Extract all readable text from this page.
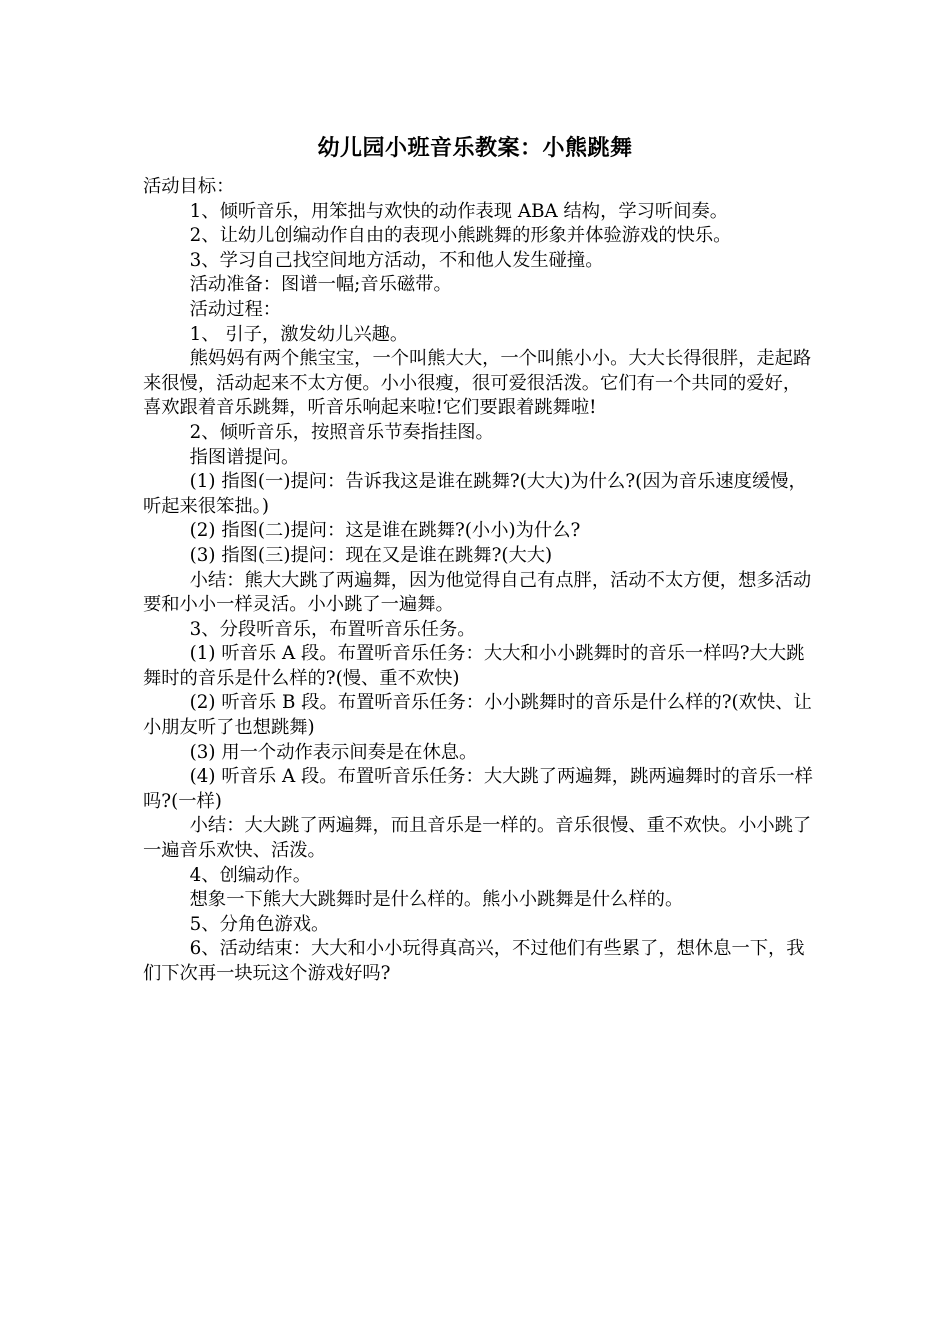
幼儿园小班音乐教案：小熊跳舞

活动目标：

1、倾听音乐，用笨拙与欢快的动作表现 ABA 结构，学习听间奏。

2、让幼儿创编动作自由的表现小熊跳舞的形象并体验游戏的快乐。

3、学习自己找空间地方活动，不和他人发生碰撞。

活动准备：图谱一幅;音乐磁带。

活动过程：

1、 引子，激发幼儿兴趣。

熊妈妈有两个熊宝宝，一个叫熊大大，一个叫熊小小。大大长得很胖，走起路来很慢，活动起来不太方便。小小很瘦，很可爱很活泼。它们有一个共同的爱好，喜欢跟着音乐跳舞，听音乐响起来啦!它们要跟着跳舞啦!

2、倾听音乐，按照音乐节奏指挂图。

指图谱提问。

(1) 指图(一)提问：告诉我这是谁在跳舞?(大大)为什么?(因为音乐速度缓慢，听起来很笨拙。)

(2) 指图(二)提问：这是谁在跳舞?(小小)为什么?

(3) 指图(三)提问：现在又是谁在跳舞?(大大)

小结：熊大大跳了两遍舞，因为他觉得自己有点胖，活动不太方便，想多活动要和小小一样灵活。小小跳了一遍舞。

3、分段听音乐，布置听音乐任务。

(1) 听音乐 A 段。布置听音乐任务：大大和小小跳舞时的音乐一样吗?大大跳舞时的音乐是什么样的?(慢、重不欢快)

(2) 听音乐 B 段。布置听音乐任务：小小跳舞时的音乐是什么样的?(欢快、让小朋友听了也想跳舞)

(3) 用一个动作表示间奏是在休息。

(4) 听音乐 A 段。布置听音乐任务：大大跳了两遍舞，跳两遍舞时的音乐一样吗?(一样)

小结：大大跳了两遍舞，而且音乐是一样的。音乐很慢、重不欢快。小小跳了一遍音乐欢快、活泼。

4、创编动作。

想象一下熊大大跳舞时是什么样的。熊小小跳舞是什么样的。

5、分角色游戏。

6、活动结束：大大和小小玩得真高兴，不过他们有些累了，想休息一下，我们下次再一块玩这个游戏好吗?
